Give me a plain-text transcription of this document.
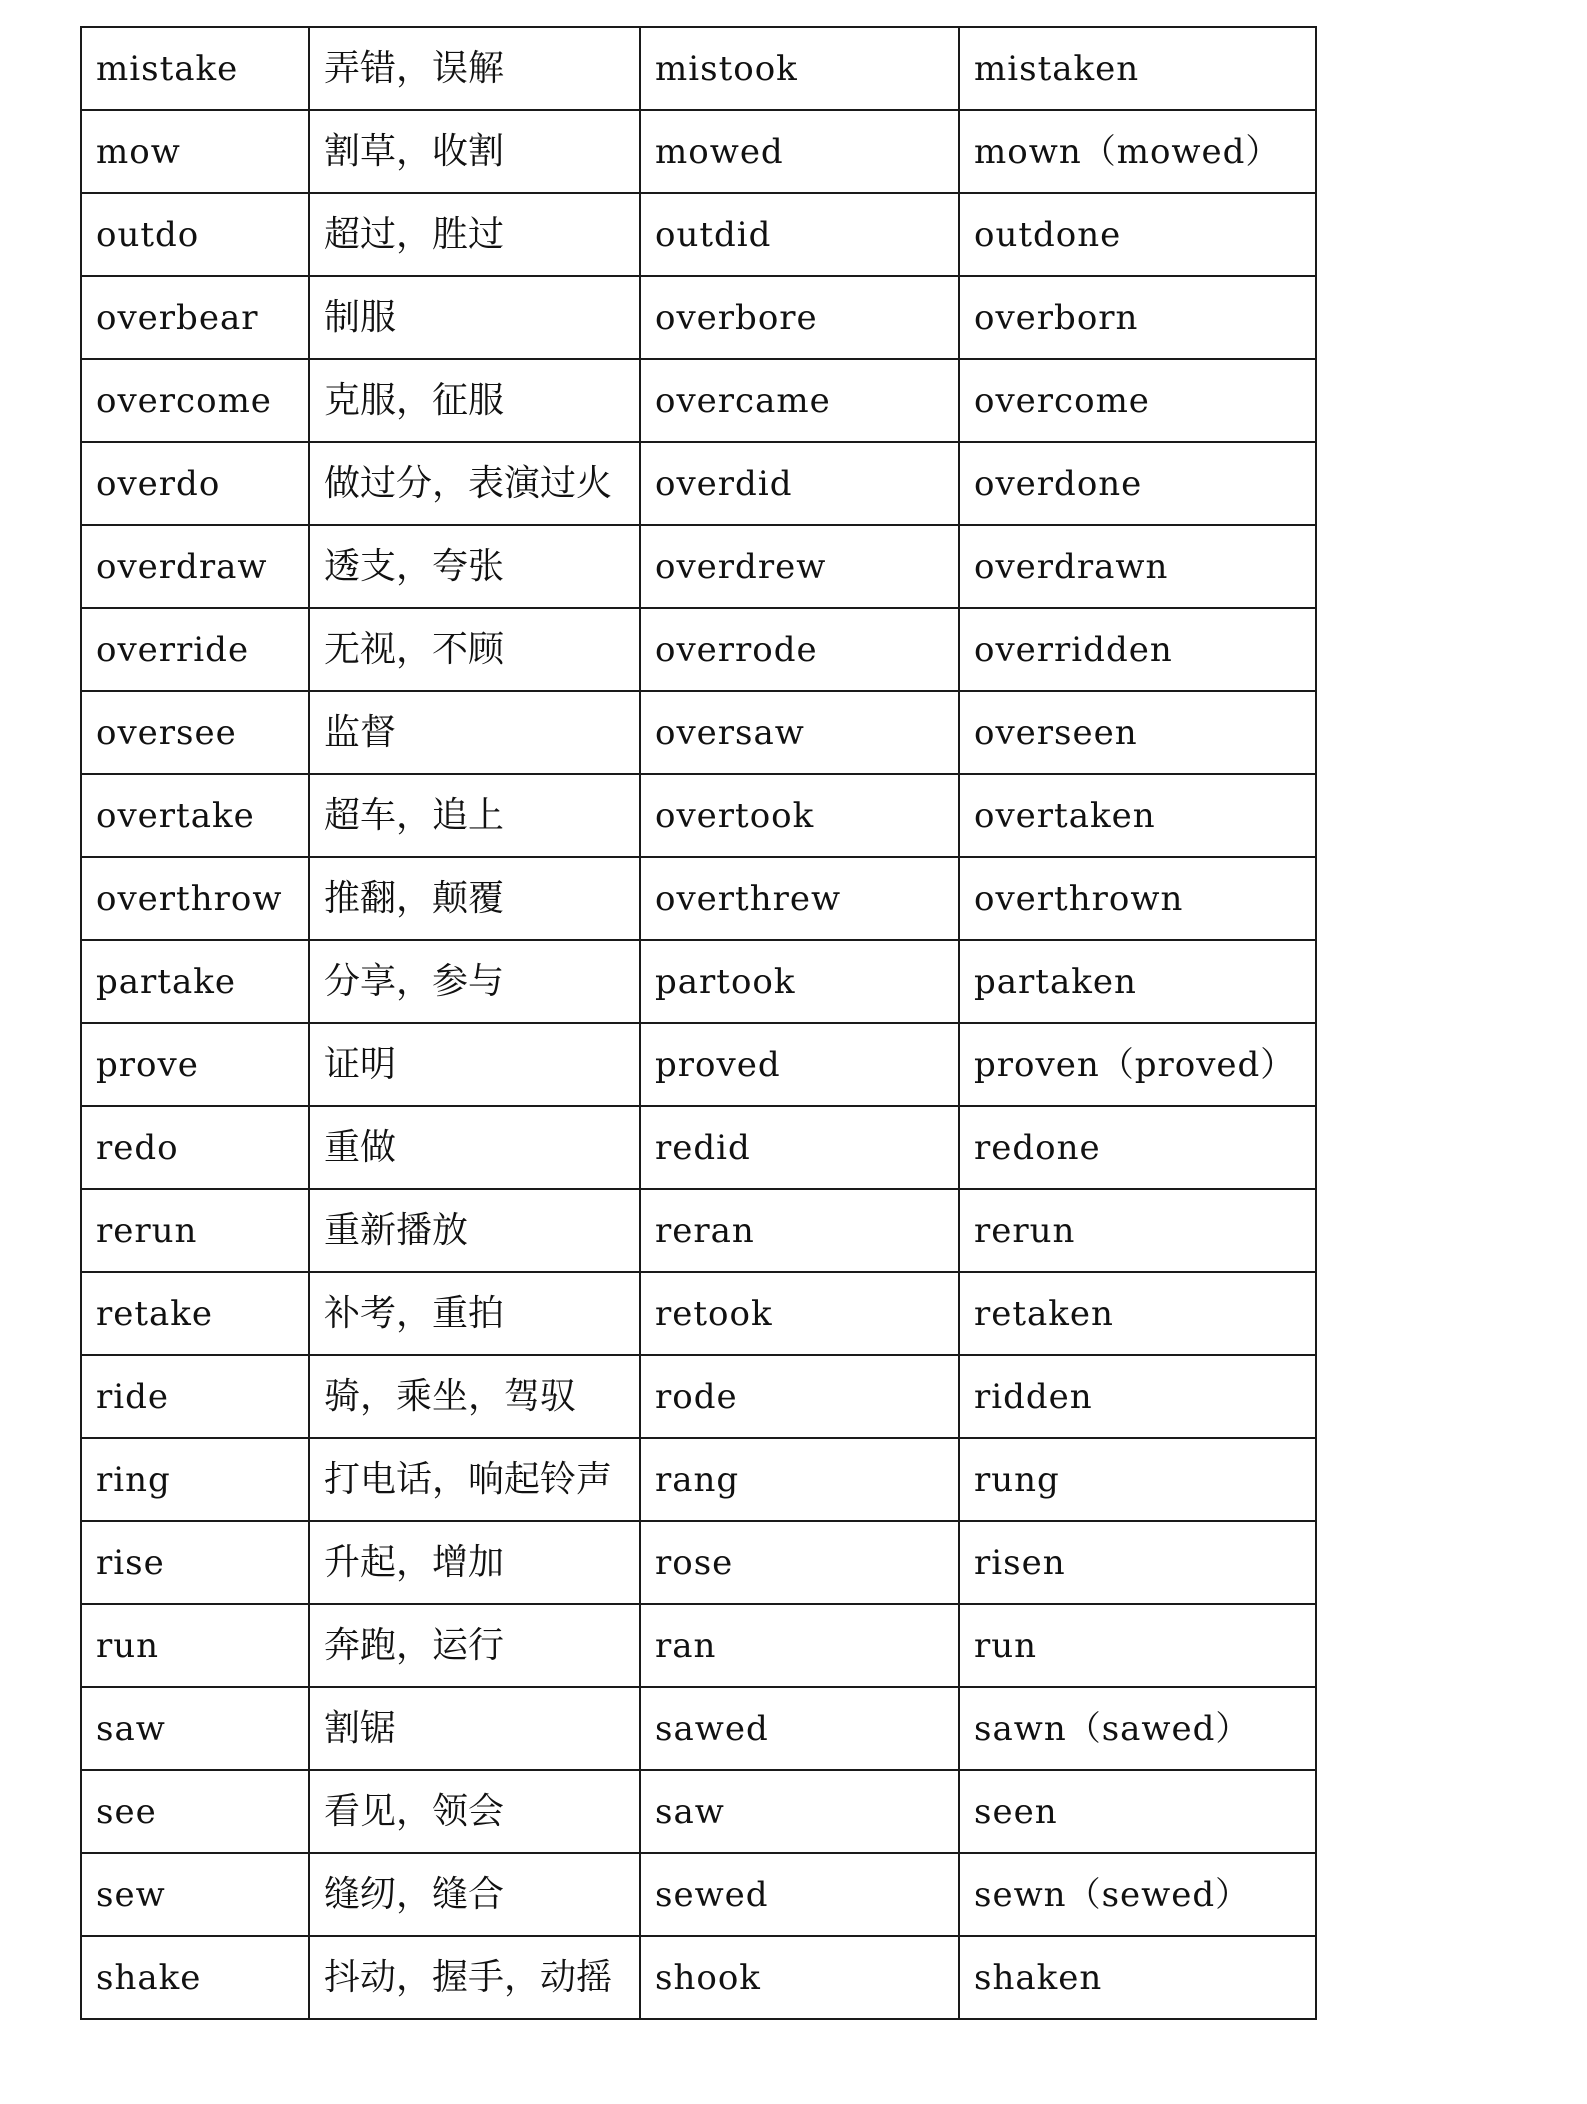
mistake	弄错，误解	mistook	mistaken
mow	割草，收割	mowed	mown（mowed）
outdo	超过，胜过	outdid	outdone
overbear	制服	overbore	overborn
overcome	克服，征服	overcame	overcome
overdo	做过分，表演过火	overdid	overdone
overdraw	透支，夸张	overdrew	overdrawn
override	无视，不顾	overrode	overridden
oversee	监督	oversaw	overseen
overtake	超车，追上	overtook	overtaken
overthrow	推翻，颠覆	overthrew	overthrown
partake	分享，参与	partook	partaken
prove	证明	proved	proven（proved）
redo	重做	redid	redone
rerun	重新播放	reran	rerun
retake	补考，重拍	retook	retaken
ride	骑，乘坐，驾驭	rode	ridden
ring	打电话，响起铃声	rang	rung
rise	升起，增加	rose	risen
run	奔跑，运行	ran	run
saw	割锯	sawed	sawn（sawed）
see	看见，领会	saw	seen
sew	缝纫，缝合	sewed	sewn（sewed）
shake	抖动，握手，动摇	shook	shaken
